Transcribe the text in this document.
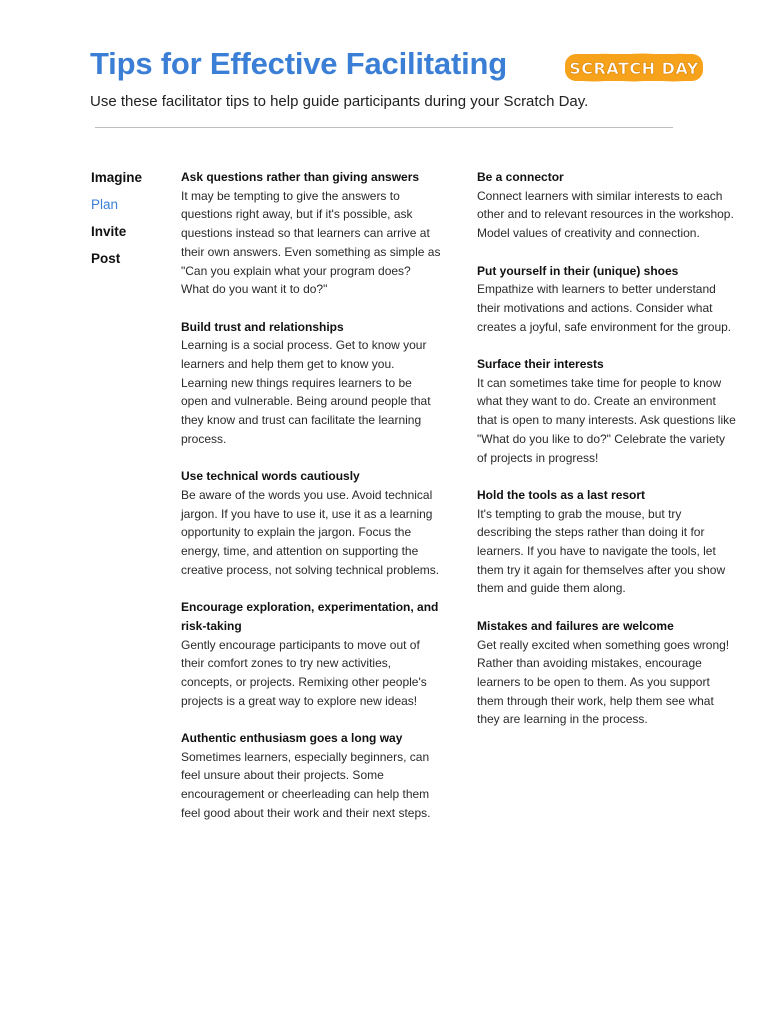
Tips for Effective Facilitating	SCRATCH DAY

Use these facilitator tips to help guide participants during your Scratch Day.

Imagine
Plan
Invite
Post
Ask questions rather than giving answers

It may be tempting to give the answers to questions right away, but if it's possible, ask questions instead so that learners can arrive at their own answers. Even something as simple as "Can you explain what your program does? What do you want it to do?"

Build trust and relationships

Learning is a social process. Get to know your learners and help them get to know you. Learning new things requires learners to be open and vulnerable. Being around people that they know and trust can facilitate the learning process.

Use technical words cautiously

Be aware of the words you use. Avoid technical jargon. If you have to use it, use it as a learning opportunity to explain the jargon. Focus the energy, time, and attention on supporting the creative process, not solving technical problems.

Encourage exploration, experimentation, and risk-taking

Gently encourage participants to move out of their comfort zones to try new activities, concepts, or projects. Remixing other people's projects is a great way to explore new ideas!

Authentic enthusiasm goes a long way

Sometimes learners, especially beginners, can feel unsure about their projects. Some encouragement or cheerleading can help them feel good about their work and their next steps.

Be a connector

Connect learners with similar interests to each other and to relevant resources in the workshop. Model values of creativity and connection.

Put yourself in their (unique) shoes

Empathize with learners to better understand their motivations and actions. Consider what creates a joyful, safe environment for the group.

Surface their interests

It can sometimes take time for people to know what they want to do. Create an environment that is open to many interests. Ask questions like "What do you like to do?" Celebrate the variety of projects in progress!

Hold the tools as a last resort

It's tempting to grab the mouse, but try describing the steps rather than doing it for learners. If you have to navigate the tools, let them try it again for themselves after you show them and guide them along.

Mistakes and failures are welcome

Get really excited when something goes wrong! Rather than avoiding mistakes, encourage learners to be open to them. As you support them through their work, help them see what they are learning in the process.
